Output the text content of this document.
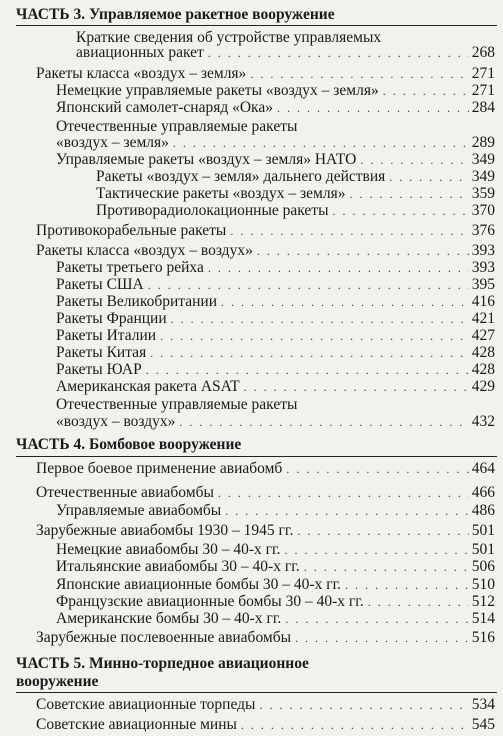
ЧАСТЬ 3. Управляемое ракетное вооружение
Краткие сведения об устройстве управляемых
авиационных ракет . . .	268
Ракеты класса «воздух – земля» . . .	271
Немецкие управляемые ракеты «воздух – земля» . . .	271
Японский самолет-снаряд «Ока» . . .	284
Отечественные управляемые ракеты
«воздух – земля» . . .	289
Управляемые ракеты «воздух – земля» НАТО . . .	349
Ракеты «воздух – земля» дальнего действия . . .	349
Тактические ракеты «воздух – земля» . . .	359
Противорадиолокационные ракеты . . .	370
Противокорабельные ракеты . . .	376
Ракеты класса «воздух – воздух» . . .	393
Ракеты третьего рейха . . .	393
Ракеты США . . .	395
Ракеты Великобритании . . .	416
Ракеты Франции . . .	421
Ракеты Италии . . .	427
Ракеты Китая . . .	428
Ракеты ЮАР . . .	428
Американская ракета ASAT . . .	429
Отечественные управляемые ракеты
«воздух – воздух» . . .	432
ЧАСТЬ 4. Бомбовое вооружение
Первое боевое применение авиабомб . . .	464
Отечественные авиабомбы . . .	466
Управляемые авиабомбы . . .	486
Зарубежные авиабомбы 1930 – 1945 гг. . . .	501
Немецкие авиабомбы 30 – 40-х гг. . . .	501
Итальянские авиабомбы 30 – 40-х гг. . . .	506
Японские авиационные бомбы 30 – 40-х гг. . . .	510
Французские авиационные бомбы 30 – 40-х гг. . . .	512
Американские бомбы 30 – 40-х гг. . . .	514
Зарубежные послевоенные авиабомбы . . .	516
ЧАСТЬ 5. Минно-торпедное авиационное
вооружение
Советские авиационные торпеды . . .	534
Советские авиационные мины . . .	545
